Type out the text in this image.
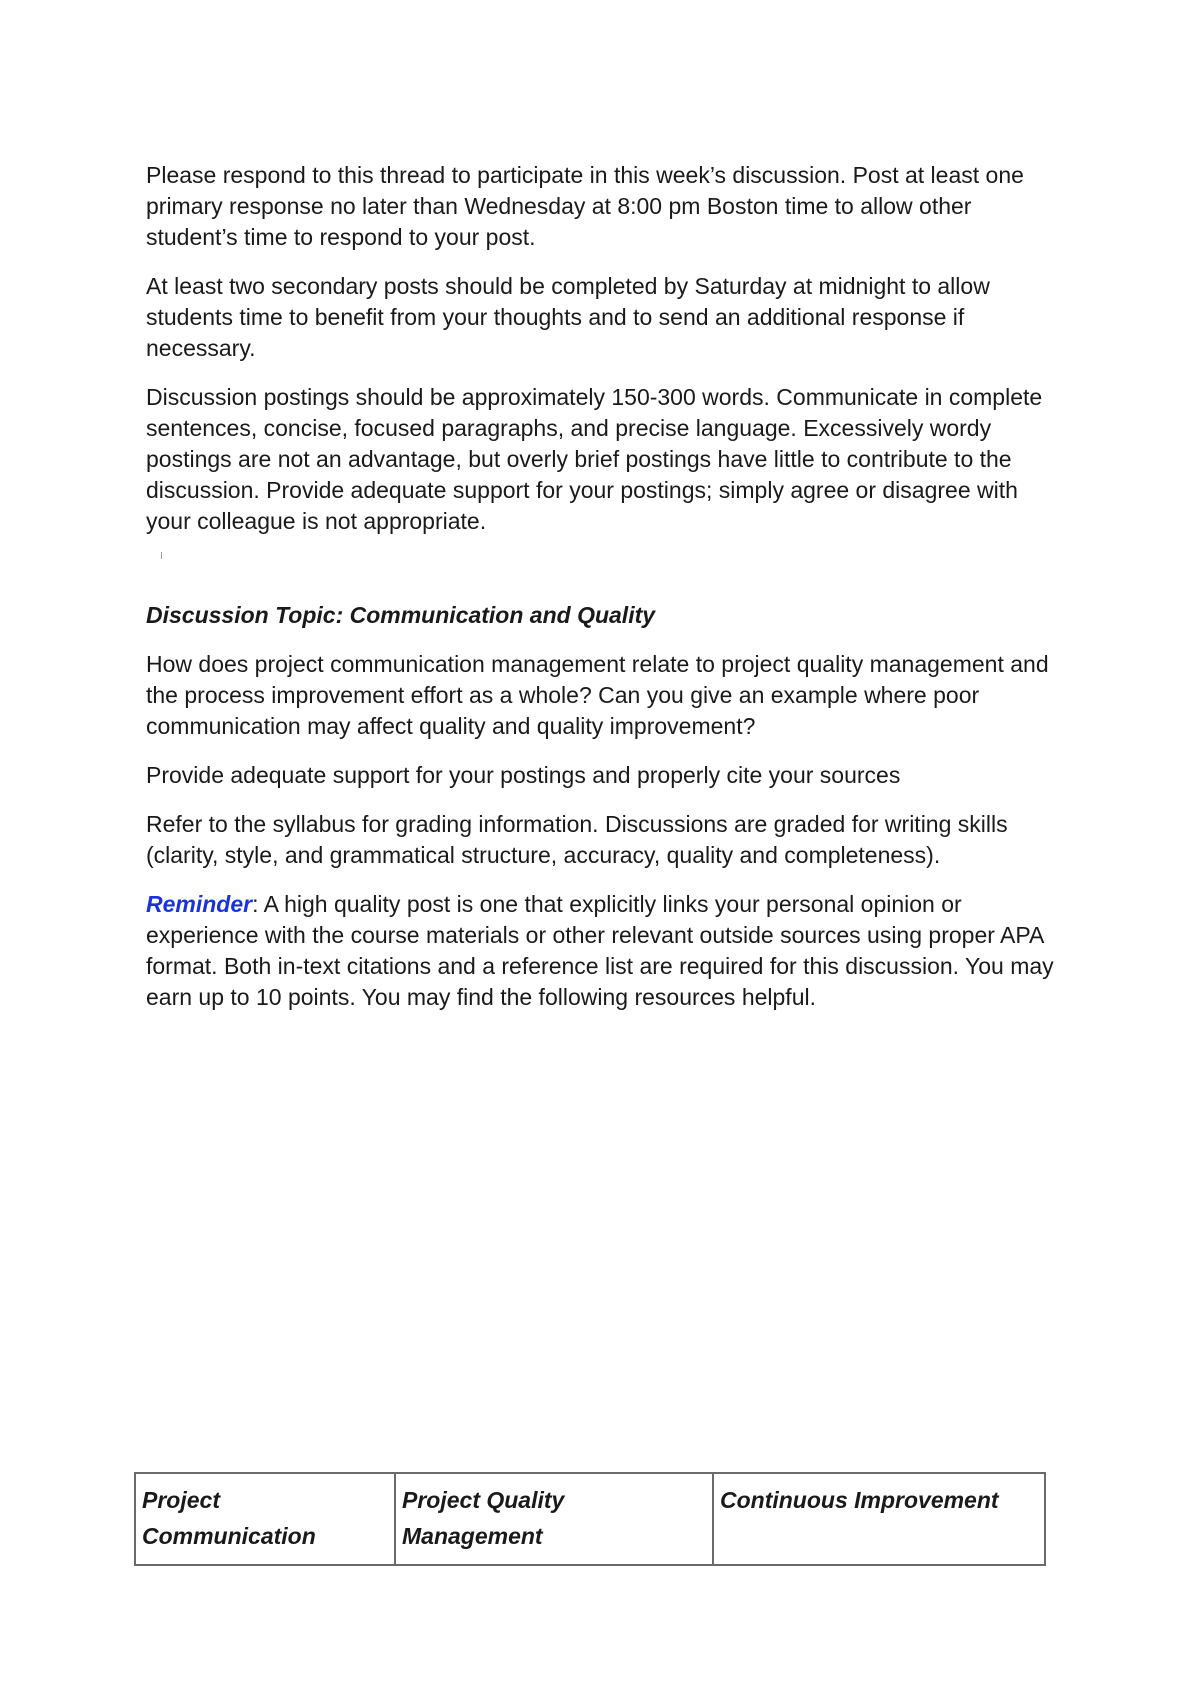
Please respond to this thread to participate in this week’s discussion. Post at least one primary response no later than Wednesday at 8:00 pm Boston time to allow other student’s time to respond to your post.

At least two secondary posts should be completed by Saturday at midnight to allow students time to benefit from your thoughts and to send an additional response if necessary.

Discussion postings should be approximately 150-300 words. Communicate in complete sentences, concise, focused paragraphs, and precise language. Excessively wordy postings are not an advantage, but overly brief postings have little to contribute to the discussion. Provide adequate support for your postings; simply agree or disagree with your colleague is not appropriate.

Discussion Topic: Communication and Quality

How does project communication management relate to project quality management and the process improvement effort as a whole? Can you give an example where poor communication may affect quality and quality improvement?

Provide adequate support for your postings and properly cite your sources

Refer to the syllabus for grading information. Discussions are graded for writing skills (clarity, style, and grammatical structure, accuracy, quality and completeness).

Reminder: A high quality post is one that explicitly links your personal opinion or experience with the course materials or other relevant outside sources using proper APA format. Both in-text citations and a reference list are required for this discussion. You may earn up to 10 points. You may find the following resources helpful.

Project Communication	Project Quality Management	Continuous Improvement
